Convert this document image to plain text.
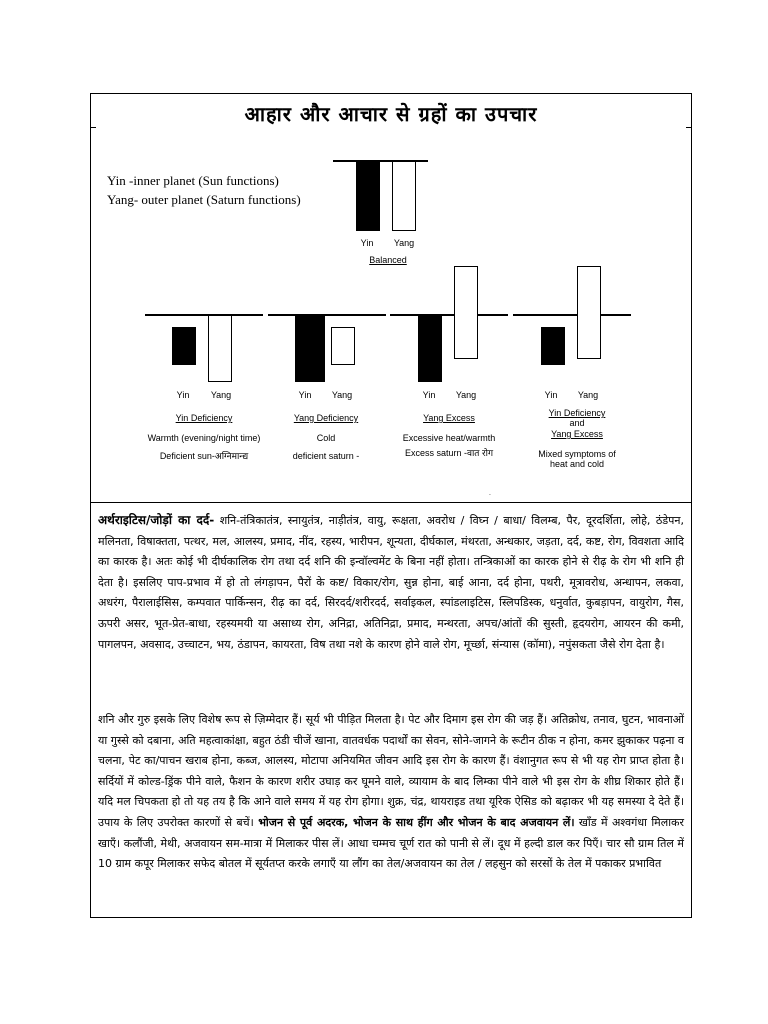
आहार और आचार से ग्रहों का उपचार
Yin -inner planet (Sun functions)
Yang- outer planet (Saturn functions)
Yin	Yang
Balanced
Yin	Yang
Yin Deficiency
Warmth (evening/night time)
Deficient sun-अग्निमान्द्य
Yin	Yang
Yang Deficiency
Cold
deficient saturn -
Yin	Yang
Yang Excess
Excessive heat/warmth
Excess saturn -वात रोग
Yin	Yang
Yin Deficiency
and
Yang Excess
Mixed symptoms of
heat and cold
.
अर्थराइटिस/जोड़ों का दर्द- शनि-तंत्रिकातंत्र, स्नायुतंत्र, नाड़ीतंत्र, वायु, रूक्षता, अवरोध / विघ्न / बाधा/ विलम्ब, पैर, दूरदर्शिता, लोहे, ठंडेपन, मलिनता, विषाक्तता, पत्थर, मल, आलस्य, प्रमाद, नींद, रहस्य, भारीपन, शून्यता, दीर्घकाल, मंथरता, अन्धकार, जड़ता, दर्द, कष्ट, रोग, विवशता आदि का कारक है। अतः कोई भी दीर्घकालिक रोग तथा दर्द शनि की इन्वॉल्वमेंट के बिना नहीं होता। तन्त्रिकाओं का कारक होने से रीढ़ के रोग भी शनि ही देता है। इसलिए पाप-प्रभाव में हो तो लंगड़ापन, पैरों के कष्ट/ विकार/रोग, सुन्न होना, बाई आना, दर्द होना, पथरी, मूत्रावरोध, अन्धापन, लकवा, अधरंग, पैरालाईसिस, कम्पवात पार्किन्सन, रीढ़ का दर्द, सिरदर्द/शरीरदर्द, सर्वाइकल, स्पांडलाइटिस, स्लिपडिस्क, धनुर्वात, कुबड़ापन, वायुरोग, गैस, ऊपरी असर, भूत-प्रेत-बाधा, रहस्यमयी या असाध्य रोग, अनिद्रा, अतिनिद्रा, प्रमाद, मन्थरता, अपच/आंतों की सुस्ती, हृदयरोग, आयरन की कमी, पागलपन, अवसाद, उच्चाटन, भय, ठंडापन, कायरता, विष तथा नशे के कारण होने वाले रोग, मूर्च्छा, संन्यास (कॉमा), नपुंसकता जैसे रोग देता है।
शनि और गुरु इसके लिए विशेष रूप से ज़िम्मेदार हैं। सूर्य भी पीड़ित मिलता है। पेट और दिमाग इस रोग की जड़ हैं। अतिक्रोध, तनाव, घुटन, भावनाओं या गुस्से को दबाना, अति महत्वाकांक्षा, बहुत ठंडी चीजें खाना, वातवर्धक पदार्थों का सेवन, सोने-जागने के रूटीन ठीक न होना, कमर झुकाकर पढ़ना व चलना, पेट का/पाचन खराब होना, कब्ज, आलस्य, मोटापा अनियमित जीवन आदि इस रोग के कारण हैं। वंशानुगत रूप से भी यह रोग प्राप्त होता है। सर्दियों में कोल्ड-ड्रिंक पीने वाले, फैशन के कारण शरीर उघाड़ कर घूमने वाले, व्यायाम के बाद लिम्का पीने वाले भी इस रोग के शीघ्र शिकार होते हैं। यदि मल चिपकता हो तो यह तय है कि आने वाले समय में यह रोग होगा। शुक्र, चंद्र, थायराइड तथा यूरिक ऐसिड को बढ़ाकर भी यह समस्या दे देते हैं। उपाय के लिए उपरोक्त कारणों से बचें। भोजन से पूर्व अदरक, भोजन के साथ हींग और भोजन के बाद अजवायन लें। खाँड में अश्वगंधा मिलाकर खाएँ। कलौंजी, मेथी, अजवायन सम-मात्रा में मिलाकर पीस लें। आधा चम्मच चूर्ण रात को पानी से लें। दूध में हल्दी डाल कर पिएँ। चार सौ ग्राम तिल में 10 ग्राम कपूर मिलाकर सफेद बोतल में सूर्यतप्त करके लगाएँ या लौंग का तेल/अजवायन का तेल / लहसुन को सरसों के तेल में पकाकर प्रभावित
